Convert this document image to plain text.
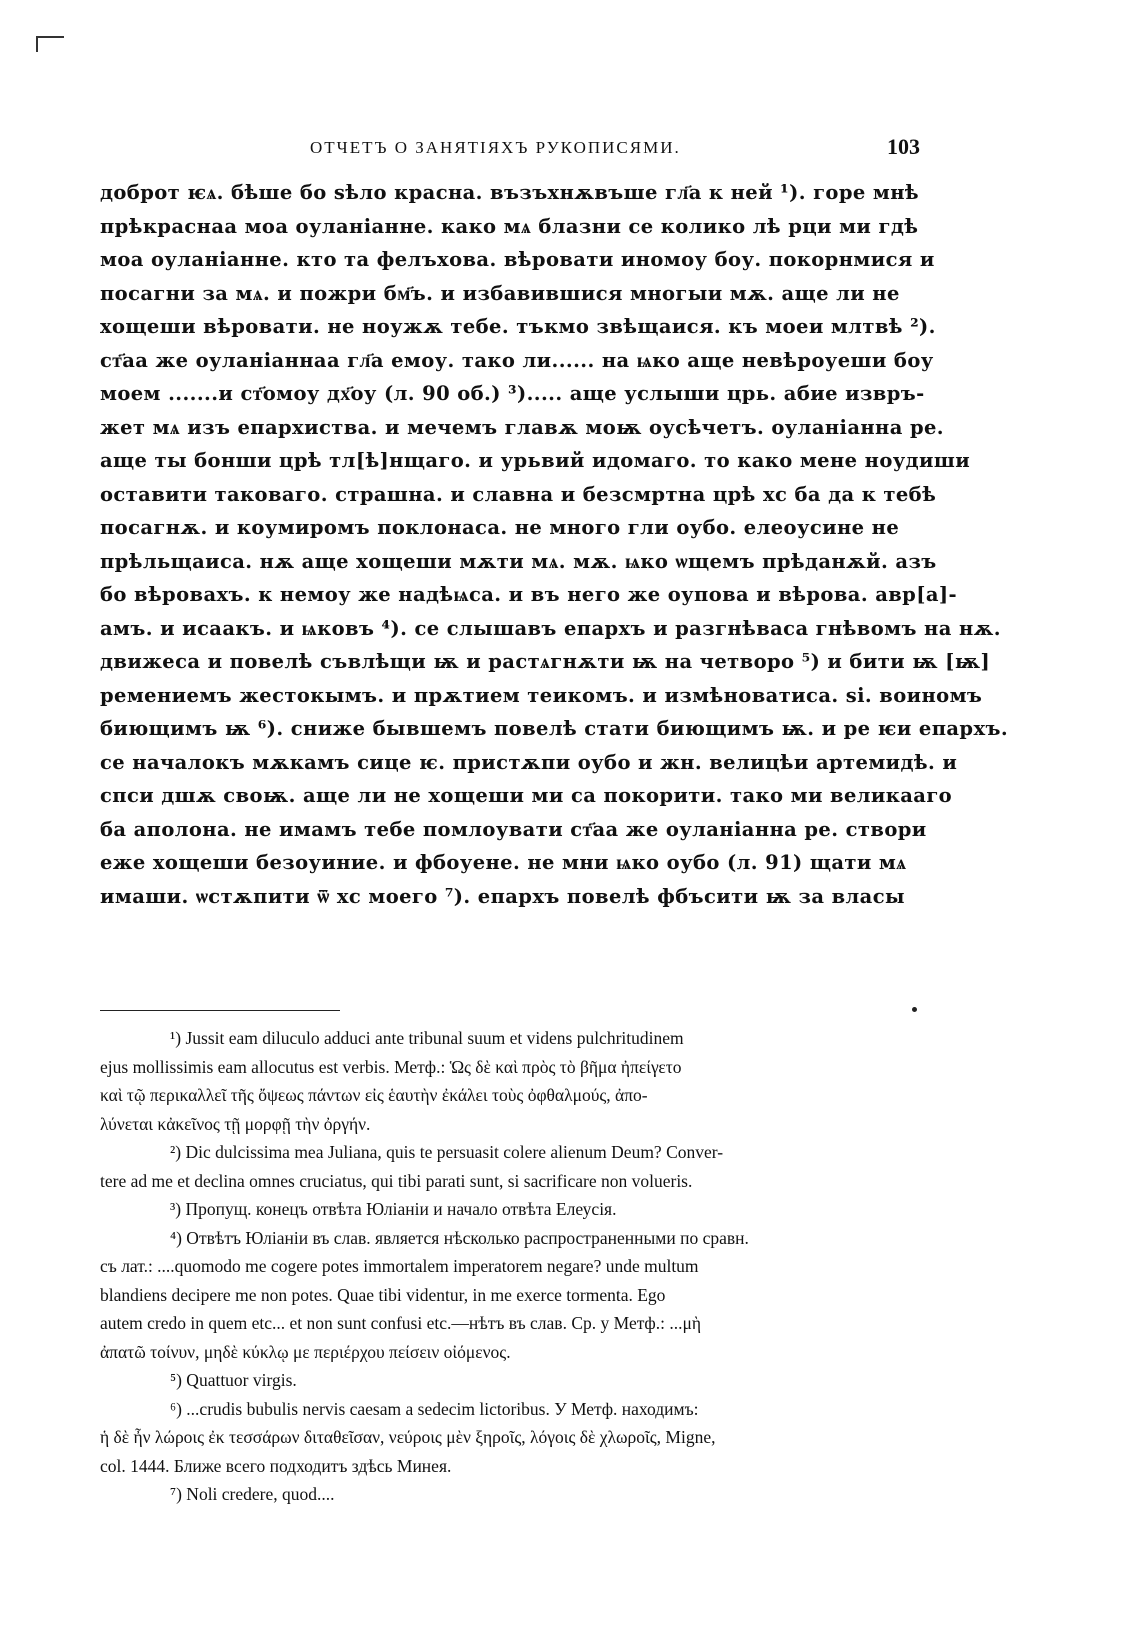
ОТЧЕТЪ О ЗАНЯТІЯХЪ РУКОПИСЯМИ.	103
доброт ѥѧ. бѣше бо ѕѣло красна. възъхнѫвъше гл҃а к ней ¹). горе мнѣ
прѣкраснаа моа оуланіанне. како мѧ блазни се колико лѣ рци ми гдѣ
моа оуланіанне. кто та фелъхова. вѣровати иномоу боу. покорнмися и
посагни за мѧ. и пожри бм҃ъ. и избавившися многыи мѫ. аще ли не
хощеши вѣровати. не ноужѫ тебе. тъкмо звѣщаися. къ моеи млтвѣ ²).
ст҃аа же оуланіаннаа гл҃а емоу. тако ли...... на ѩко аще невѣроуеши боу
моем .......и ст҃омоу дх҃оу (л. 90 об.) ³)..... аще услыши црь. абие извръ-
жет мѧ изъ епархиства. и мечемъ главѫ моѭ оусѣчетъ. оуланіанна ре.
аще ты бонши црѣ тл[ѣ]нщаго. и урьвий идомаго. то како мене ноудиши
оставити таковаго. страшна. и славна и безсмртна црѣ хс ба да к тебѣ
посагнѫ. и коумиромъ поклонаса. не много гли оубо. елеоусине не
прѣльщаиса. нѫ аще хощеши мѫти мѧ. мѫ. ѩко ѡщемъ прѣданѫй. азъ
бо вѣровахъ. к немоу же надѣѩса. и въ него же оупова и вѣрова. авр[а]-
амъ. и исаакъ. и ѩковъ ⁴). се слышавъ епархъ и разгнѣваса гнѣвомъ на нѫ.
движеса и повелѣ съвлѣщи ѭ и растѧгнѫти ѭ на четворо ⁵) и бити ѭ [ѭ]
ремениемъ жестокымъ. и прѫтием теикомъ. и измѣноватиса. ѕі. воиномъ
биющимъ ѭ ⁶). сниже бывшемъ повелѣ стати биющимъ ѭ. и ре ѥи епархъ.
се началокъ мѫкамъ сице ѥ. пристѫпи оубо и жн. велицѣи артемидѣ. и
спси дшѫ своѭ. аще ли не хощеши ми са покорити. тако ми великааго
ба аполона. не имамъ тебе помлоувати ст҃аа же оуланіанна ре. створи
еже хощеши безоуиние. и фбоуене. не мни ѩко оубо (л. 91) щати мѧ
имаши. ѡстѫпити ѿ хс моего ⁷). епархъ повелѣ фбъсити ѭ за власы
¹) Jussit eam diluculo adduci ante tribunal suum et videns pulchritudinem
ejus mollissimis eam allocutus est verbis. Метф.: Ὡς δὲ καὶ πρὸς τὸ βῆμα ἠπείγετο
καὶ τῷ περικαλλεῖ τῆς ὄψεως πάντων εἰς ἑαυτὴν ἐκάλει τοὺς ὀφθαλμούς, ἀπο-
λύνεται κἀκεῖνος τῇ μορφῇ τὴν ὀργήν.
²) Dic dulcissima mea Juliana, quis te persuasit colere alienum Deum? Conver-
tere ad me et declina omnes cruciatus, qui tibi parati sunt, si sacrificare non volueris.
³) Пропущ. конецъ отвѣта Юліаніи и начало отвѣта Елеусія.
⁴) Отвѣтъ Юліаніи въ слав. является нѣсколько распространенными по сравн.
съ лат.: ....quomodo me cogere potes immortalem imperatorem negare? unde multum
blandiens decipere me non potes. Quae tibi videntur, in me exerce tormenta. Ego
autem credo in quem etc... et non sunt confusi etc.—нѣтъ въ слав. Ср. у Метф.: ...μὴ
ἀπατῶ τοίνυν, μηδὲ κύκλῳ με περιέρχου πείσειν οἰόμενος.
⁵) Quattuor virgis.
⁶) ...crudis bubulis nervis caesam a sedecim lictoribus. У Метф. находимъ:
ἡ δὲ ἦν λώροις ἐκ τεσσάρων διταθεῖσαν, νεύροις μὲν ξηροῖς, λόγοις δὲ χλωροῖς, Migne,
col. 1444. Ближе всего подходитъ здѣсь Минея.
⁷) Noli credere, quod....
